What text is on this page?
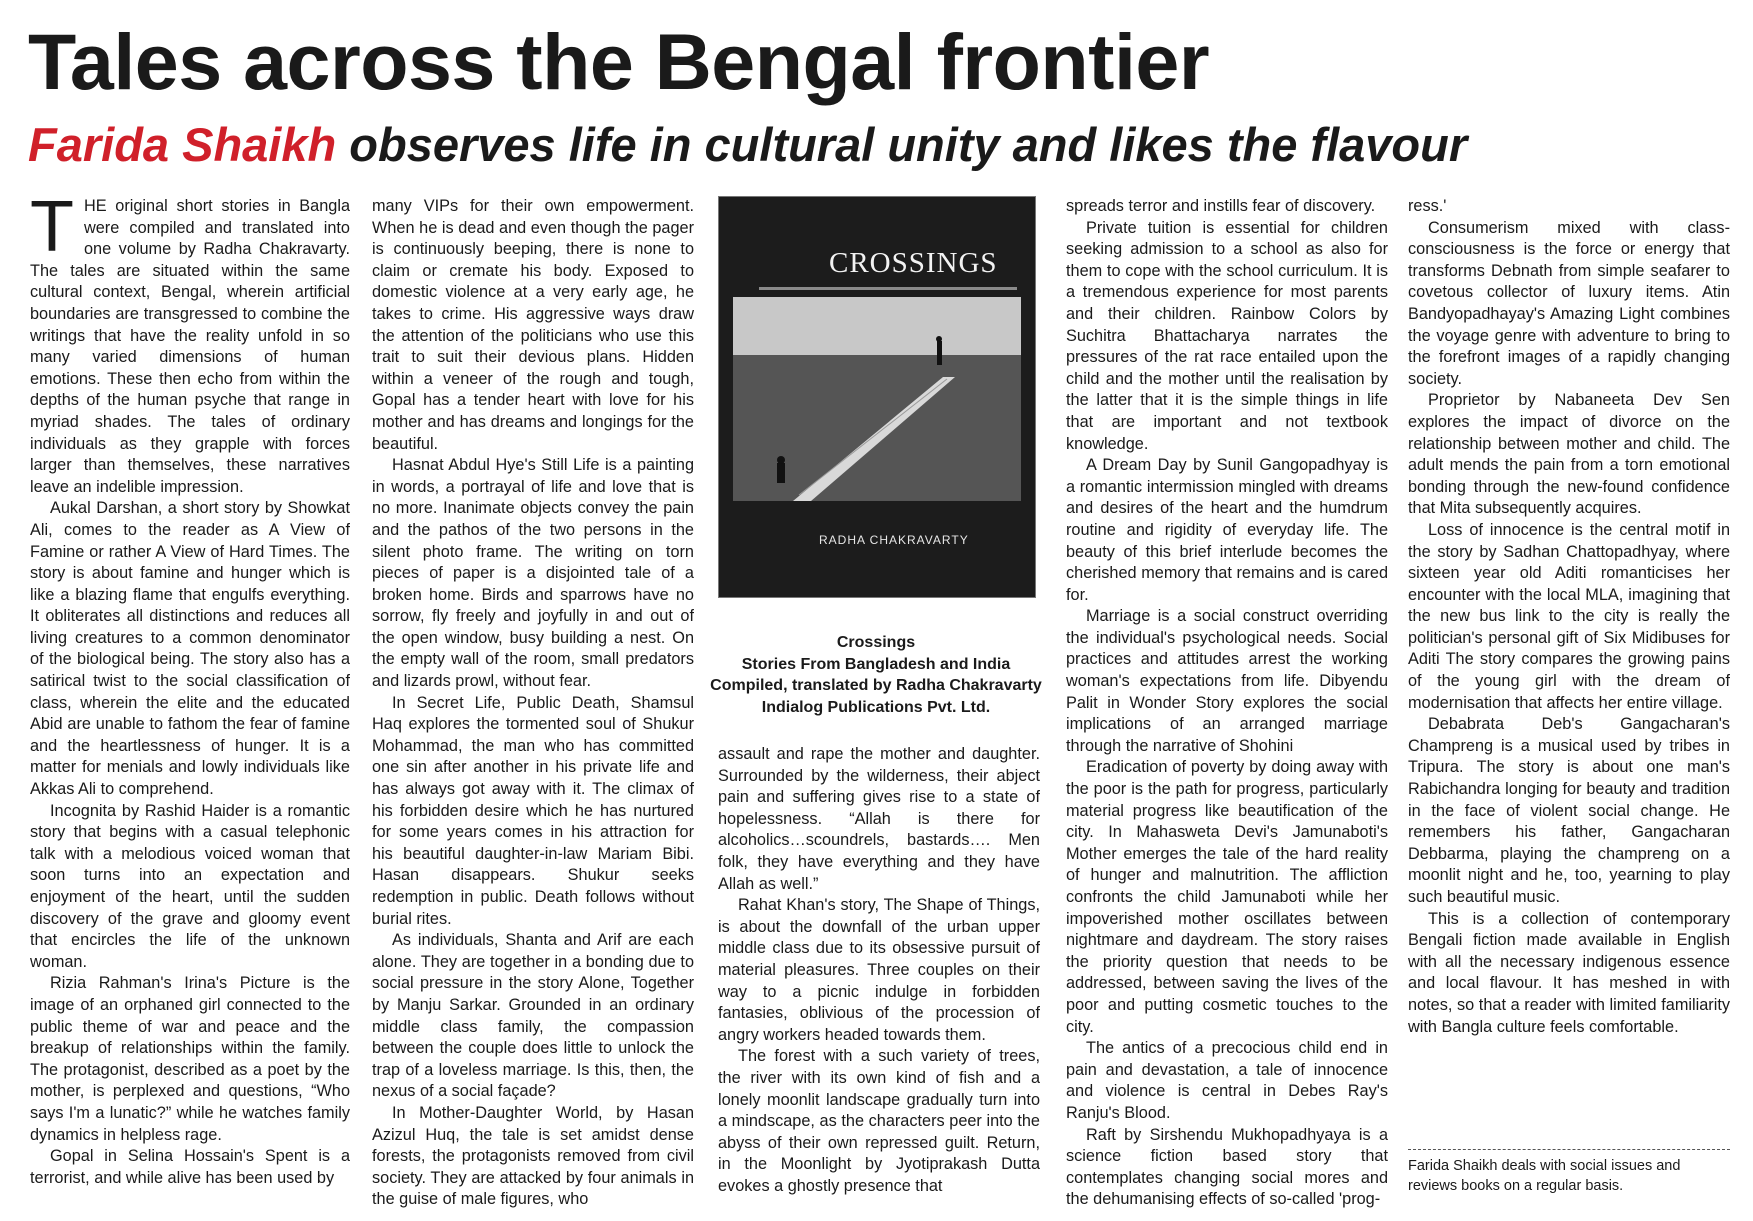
Tales across the Bengal frontier
Farida Shaikh observes life in cultural unity and likes the flavour
T HE original short stories in Bangla were compiled and translated into one volume by Radha Chakravarty. The tales are situated within the same cultural context, Bengal, wherein artificial boundaries are transgressed to combine the writings that have the reality unfold in so many varied dimensions of human emotions. These then echo from within the depths of the human psyche that range in myriad shades. The tales of ordinary individuals as they grapple with forces larger than themselves, these narratives leave an indelible impression.

Aukal Darshan, a short story by Showkat Ali, comes to the reader as A View of Famine or rather A View of Hard Times. The story is about famine and hunger which is like a blazing flame that engulfs everything. It obliterates all distinctions and reduces all living creatures to a common denominator of the biological being. The story also has a satirical twist to the social classification of class, wherein the elite and the educated Abid are unable to fathom the fear of famine and the heartlessness of hunger. It is a matter for menials and lowly individuals like Akkas Ali to comprehend.

Incognita by Rashid Haider is a romantic story that begins with a casual telephonic talk with a melodious voiced woman that soon turns into an expectation and enjoyment of the heart, until the sudden discovery of the grave and gloomy event that encircles the life of the unknown woman.

Rizia Rahman's Irina's Picture is the image of an orphaned girl connected to the public theme of war and peace and the breakup of relationships within the family. The protagonist, described as a poet by the mother, is perplexed and questions, “Who says I'm a lunatic?” while he watches family dynamics in helpless rage.

Gopal in Selina Hossain's Spent is a terrorist, and while alive has been used by

many VIPs for their own empowerment. When he is dead and even though the pager is continuously beeping, there is none to claim or cremate his body. Exposed to domestic violence at a very early age, he takes to crime. His aggressive ways draw the attention of the politicians who use this trait to suit their devious plans. Hidden within a veneer of the rough and tough, Gopal has a tender heart with love for his mother and has dreams and longings for the beautiful.

Hasnat Abdul Hye's Still Life is a painting in words, a portrayal of life and love that is no more. Inanimate objects convey the pain and the pathos of the two persons in the silent photo frame. The writing on torn pieces of paper is a disjointed tale of a broken home. Birds and sparrows have no sorrow, fly freely and joyfully in and out of the open window, busy building a nest. On the empty wall of the room, small predators and lizards prowl, without fear.

In Secret Life, Public Death, Shamsul Haq explores the tormented soul of Shukur Mohammad, the man who has committed one sin after another in his private life and has always got away with it. The climax of his forbidden desire which he has nurtured for some years comes in his attraction for his beautiful daughter-in-law Mariam Bibi. Hasan disappears. Shukur seeks redemption in public. Death follows without burial rites.

As individuals, Shanta and Arif are each alone. They are together in a bonding due to social pressure in the story Alone, Together by Manju Sarkar. Grounded in an ordinary middle class family, the compassion between the couple does little to unlock the trap of a loveless marriage. Is this, then, the nexus of a social façade?

In Mother-Daughter World, by Hasan Azizul Huq, the tale is set amidst dense forests, the protagonists removed from civil society. They are attacked by four animals in the guise of male figures, who

CROSSINGS
RADHA CHAKRAVARTY
Crossings
Stories From Bangladesh and India
Compiled, translated by Radha Chakravarty
Indialog Publications Pvt. Ltd.

assault and rape the mother and daughter. Surrounded by the wilderness, their abject pain and suffering gives rise to a state of hopelessness. “Allah is there for alcoholics…scoundrels, bastards…. Men folk, they have everything and they have Allah as well.”

Rahat Khan's story, The Shape of Things, is about the downfall of the urban upper middle class due to its obsessive pursuit of material pleasures. Three couples on their way to a picnic indulge in forbidden fantasies, oblivious of the procession of angry workers headed towards them.

The forest with a such variety of trees, the river with its own kind of fish and a lonely moonlit landscape gradually turn into a mindscape, as the characters peer into the abyss of their own repressed guilt. Return, in the Moonlight by Jyotiprakash Dutta evokes a ghostly presence that

spreads terror and instills fear of discovery.

Private tuition is essential for children seeking admission to a school as also for them to cope with the school curriculum. It is a tremendous experience for most parents and their children. Rainbow Colors by Suchitra Bhattacharya narrates the pressures of the rat race entailed upon the child and the mother until the realisation by the latter that it is the simple things in life that are important and not textbook knowledge.

A Dream Day by Sunil Gangopadhyay is a romantic intermission mingled with dreams and desires of the heart and the humdrum routine and rigidity of everyday life. The beauty of this brief interlude becomes the cherished memory that remains and is cared for.

Marriage is a social construct overriding the individual's psychological needs. Social practices and attitudes arrest the working woman's expectations from life. Dibyendu Palit in Wonder Story explores the social implications of an arranged marriage through the narrative of Shohini

Eradication of poverty by doing away with the poor is the path for progress, particularly material progress like beautification of the city. In Mahasweta Devi's Jamunaboti's Mother emerges the tale of the hard reality of hunger and malnutrition. The affliction confronts the child Jamunaboti while her impoverished mother oscillates between nightmare and daydream. The story raises the priority question that needs to be addressed, between saving the lives of the poor and putting cosmetic touches to the city.

The antics of a precocious child end in pain and devastation, a tale of innocence and violence is central in Debes Ray's Ranju's Blood.

Raft by Sirshendu Mukhopadhyaya is a science fiction based story that contemplates changing social mores and the dehumanising effects of so-called 'prog-

ress.'

Consumerism mixed with class-consciousness is the force or energy that transforms Debnath from simple seafarer to covetous collector of luxury items. Atin Bandyopadhayay's Amazing Light combines the voyage genre with adventure to bring to the forefront images of a rapidly changing society.

Proprietor by Nabaneeta Dev Sen explores the impact of divorce on the relationship between mother and child. The adult mends the pain from a torn emotional bonding through the new-found confidence that Mita subsequently acquires.

Loss of innocence is the central motif in the story by Sadhan Chattopadhyay, where sixteen year old Aditi romanticises her encounter with the local MLA, imagining that the new bus link to the city is really the politician's personal gift of Six Midibuses for Aditi The story compares the growing pains of the young girl with the dream of modernisation that affects her entire village.

Debabrata Deb's Gangacharan's Champreng is a musical used by tribes in Tripura. The story is about one man's Rabichandra longing for beauty and tradition in the face of violent social change. He remembers his father, Gangacharan Debbarma, playing the champreng on a moonlit night and he, too, yearning to play such beautiful music.

This is a collection of contemporary Bengali fiction made available in English with all the necessary indigenous essence and local flavour. It has meshed in with notes, so that a reader with limited familiarity with Bangla culture feels comfortable.

Farida Shaikh deals with social issues and reviews books on a regular basis.
